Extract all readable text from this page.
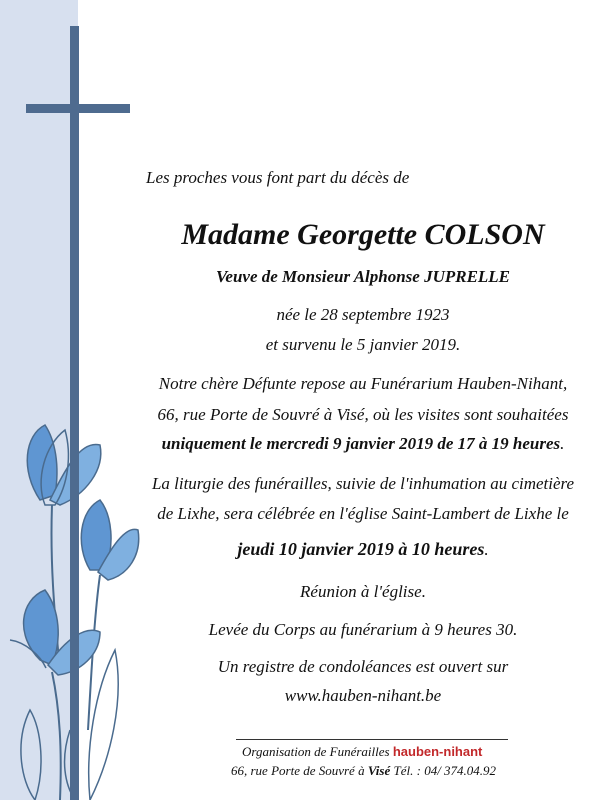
Les proches vous font part du décès de

Madame Georgette COLSON

Veuve de Monsieur Alphonse JUPRELLE

née le 28 septembre 1923

et survenu le 5 janvier 2019.

Notre chère Défunte repose au Funérarium Hauben-Nihant,

66, rue Porte de Souvré à Visé, où les visites sont souhaitées

uniquement le mercredi 9 janvier 2019 de 17 à 19 heures.

La liturgie des funérailles, suivie de l'inhumation au cimetière

de Lixhe, sera célébrée en l'église Saint-Lambert de Lixhe le

jeudi 10 janvier 2019 à 10 heures.

Réunion à l'église.

Levée du Corps au funérarium à 9 heures 30.

Un registre de condoléances est ouvert sur

www.hauben-nihant.be

Organisation de Funérailles hauben-nihant

66, rue Porte de Souvré à Visé Tél. : 04/ 374.04.92
